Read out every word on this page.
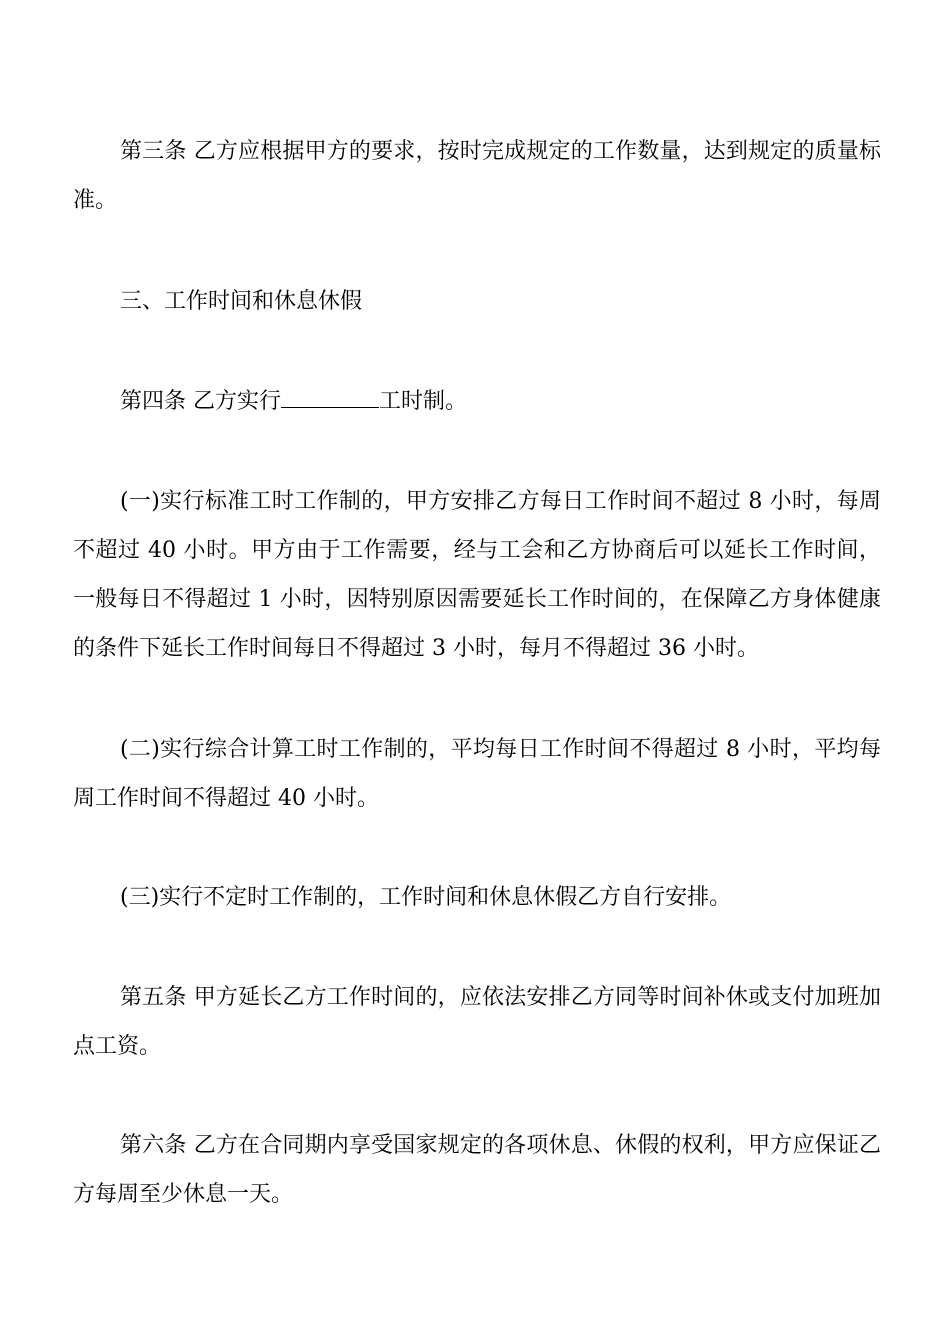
第三条 乙方应根据甲方的要求，按时完成规定的工作数量，达到规定的质量标准。

三、工作时间和休息休假

第四条 乙方实行	工时制。

(一)实行标准工时工作制的，甲方安排乙方每日工作时间不超过 8 小时，每周不超过 40 小时。甲方由于工作需要，经与工会和乙方协商后可以延长工作时间，一般每日不得超过 1 小时，因特别原因需要延长工作时间的，在保障乙方身体健康的条件下延长工作时间每日不得超过 3 小时，每月不得超过 36 小时。

(二)实行综合计算工时工作制的，平均每日工作时间不得超过 8 小时，平均每周工作时间不得超过 40 小时。

(三)实行不定时工作制的，工作时间和休息休假乙方自行安排。

第五条 甲方延长乙方工作时间的，应依法安排乙方同等时间补休或支付加班加点工资。

第六条 乙方在合同期内享受国家规定的各项休息、休假的权利，甲方应保证乙方每周至少休息一天。
